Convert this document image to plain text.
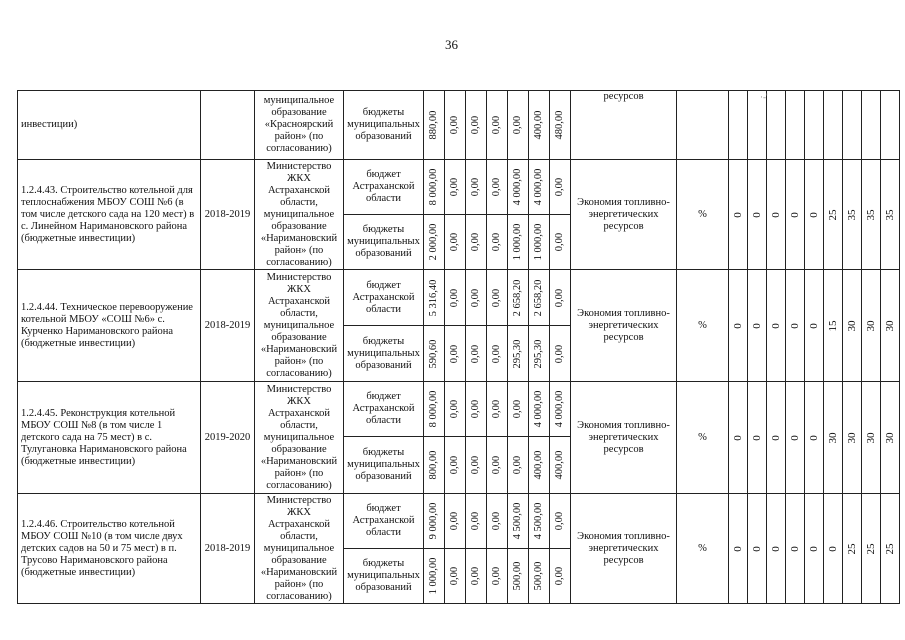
36
инвестиции)		муниципальное образование «Красноярский район» (по согласованию)	бюджеты муниципальных образований	880,00	0,00	0,00	0,00	0,00	400,00	480,00	ресурсов										
1.2.4.43. Строительство котельной для теплоснабжения МБОУ СОШ №6 (в том числе детского сада на 120 мест) в с. Линейном Наримановского района (бюджетные инвестиции)	2018-2019	Министерство ЖКХ Астраханской области, муниципальное образование «Наримановский район» (по согласованию)	бюджет Астраханской области	8 000,00	0,00	0,00	0,00	4 000,00	4 000,00	0,00	Экономия топливно-энергетических ресурсов	%	0	0	0	0	0	25	35	35	35

			бюджеты муниципальных образований	2 000,00	0,00	0,00	0,00	1 000,00	1 000,00	0,00											

1.2.4.44. Техническое перевооружение котельной МБОУ «СОШ №6» с. Курченко Наримановского района (бюджетные инвестиции)	2018-2019	Министерство ЖКХ Астраханской области, муниципальное образование «Наримановский район» (по согласованию)	бюджет Астраханской области	5 316,40	0,00	0,00	0,00	2 658,20	2 658,20	0,00	Экономия топливно-энергетических ресурсов	%	0	0	0	0	0	15	30	30	30

			бюджеты муниципальных образований	590,60	0,00	0,00	0,00	295,30	295,30	0,00											

1.2.4.45. Реконструкция котельной МБОУ СОШ №8 (в том числе 1 детского сада на 75 мест) в с. Тулугановка Наримановского района (бюджетные инвестиции)	2019-2020	Министерство ЖКХ Астраханской области, муниципальное образование «Наримановский район» (по согласованию)	бюджет Астраханской области	8 000,00	0,00	0,00	0,00	0,00	4 000,00	4 000,00	Экономия топливно-энергетических ресурсов	%	0	0	0	0	0	30	30	30	30

			бюджеты муниципальных образований	800,00	0,00	0,00	0,00	0,00	400,00	400,00											

1.2.4.46. Строительство котельной МБОУ СОШ №10 (в том числе двух детских садов на 50 и 75 мест) в п. Трусово Наримановского района (бюджетные инвестиции)	2018-2019	Министерство ЖКХ Астраханской области, муниципальное образование «Наримановский район» (по согласованию)	бюджет Астраханской области	9 000,00	0,00	0,00	0,00	4 500,00	4 500,00	0,00	Экономия топливно-энергетических ресурсов	%	0	0	0	0	0	0	25	25	25

			бюджеты муниципальных образований	1 000,00	0,00	0,00	0,00	500,00	500,00	0,00											
·-'
